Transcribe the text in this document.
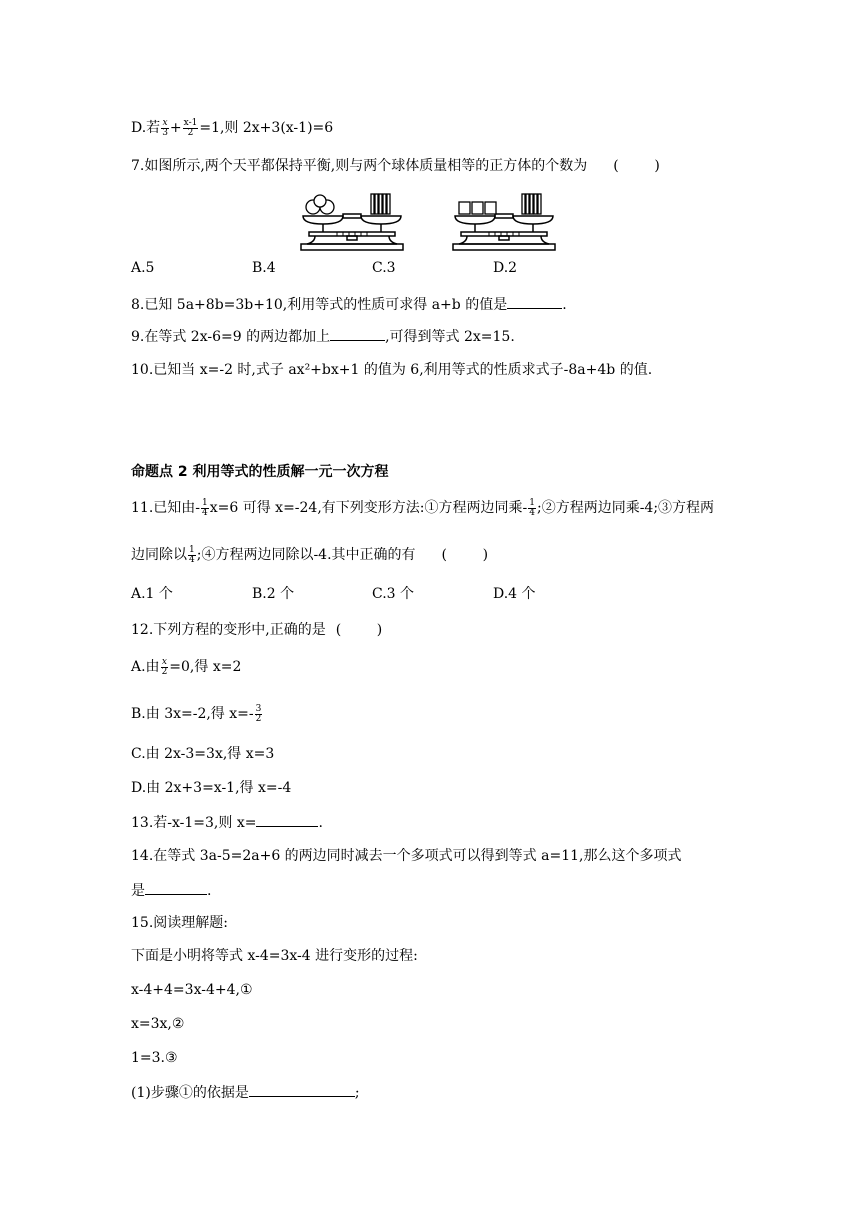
D.若 $\frac{x}{3} + \frac{x-1}{2} =1$,则 2x+3(x-1)=6
7.如图所示,两个天平都保持平衡,则与两个球体质量相等的正方体的个数为 (        )
A.5	B.4	C.3	D.2
8.已知 5a+8b=3b+10,利用等式的性质可求得 a+b 的值是	.
9.在等式 2x-6=9 的两边都加上	,可得到等式 2x=15.
10.已知当 x=-2 时,式子 ax²+bx+1 的值为 6,利用等式的性质求式子-8a+4b 的值.
命题点 2 利用等式的性质解一元一次方程
11.已知由- $\frac{1}{4} x=6$ 可得 x=-24,有下列变形方法:①方程两边同乘- $\frac{1}{4}$ ;②方程两边同乘-4;③方程两
边同除以 $\frac{1}{4}$ ;④方程两边同除以-4.其中正确的有 (        )
A.1 个	B.2 个	C.3 个	D.4 个
12.下列方程的变形中,正确的是 (        )
A.由 $\frac{x}{2} =0$,得 x=2
B.由 3x=-2,得 $x=- \frac{3}{2}$
C.由 2x-3=3x,得 x=3
D.由 2x+3=x-1,得 x=-4
13.若-x-1=3,则 x=	.
14.在等式 3a-5=2a+6 的两边同时减去一个多项式可以得到等式 a=11,那么这个多项式
是	.
15.阅读理解题:
下面是小明将等式 x-4=3x-4 进行变形的过程:
x-4+4=3x-4+4,①
x=3x,②
1=3.③
(1)步骤①的依据是	;
